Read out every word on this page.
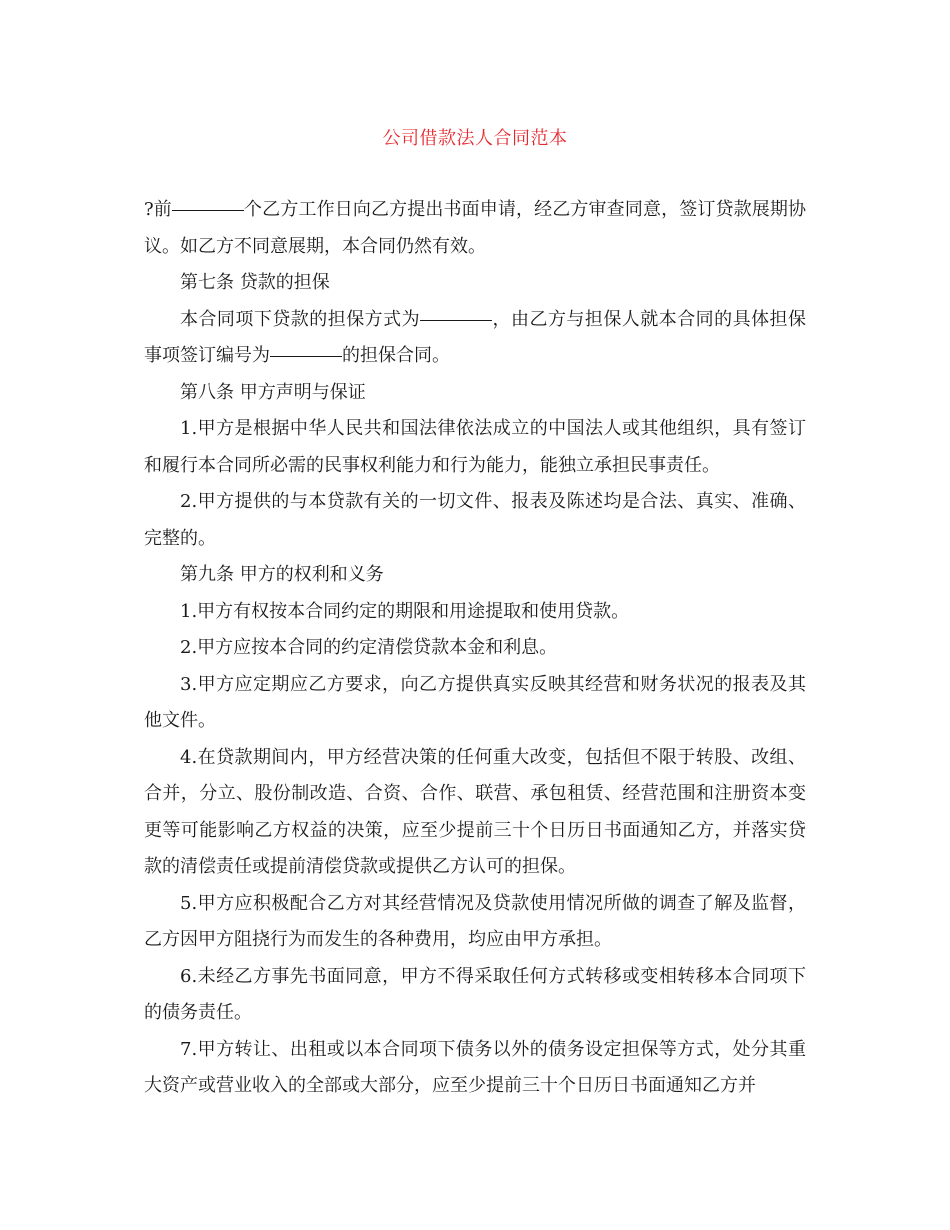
公司借款法人合同范本

?前	个乙方工作日向乙方提出书面申请，经乙方审查同意，签订贷款展期协议。如乙方不同意展期，本合同仍然有效。

第七条 贷款的担保

本合同项下贷款的担保方式为	，由乙方与担保人就本合同的具体担保事项签订编号为	的担保合同。

第八条 甲方声明与保证

1.甲方是根据中华人民共和国法律依法成立的中国法人或其他组织，具有签订和履行本合同所必需的民事权利能力和行为能力，能独立承担民事责任。

2.甲方提供的与本贷款有关的一切文件、报表及陈述均是合法、真实、准确、完整的。

第九条 甲方的权利和义务

1.甲方有权按本合同约定的期限和用途提取和使用贷款。

2.甲方应按本合同的约定清偿贷款本金和利息。

3.甲方应定期应乙方要求，向乙方提供真实反映其经营和财务状况的报表及其他文件。

4.在贷款期间内，甲方经营决策的任何重大改变，包括但不限于转股、改组、合并，分立、股份制改造、合资、合作、联营、承包租赁、经营范围和注册资本变更等可能影响乙方权益的决策，应至少提前三十个日历日书面通知乙方，并落实贷款的清偿责任或提前清偿贷款或提供乙方认可的担保。

5.甲方应积极配合乙方对其经营情况及贷款使用情况所做的调查了解及监督，乙方因甲方阻挠行为而发生的各种费用，均应由甲方承担。

6.未经乙方事先书面同意，甲方不得采取任何方式转移或变相转移本合同项下的债务责任。

7.甲方转让、出租或以本合同项下债务以外的债务设定担保等方式，处分其重大资产或营业收入的全部或大部分，应至少提前三十个日历日书面通知乙方并
